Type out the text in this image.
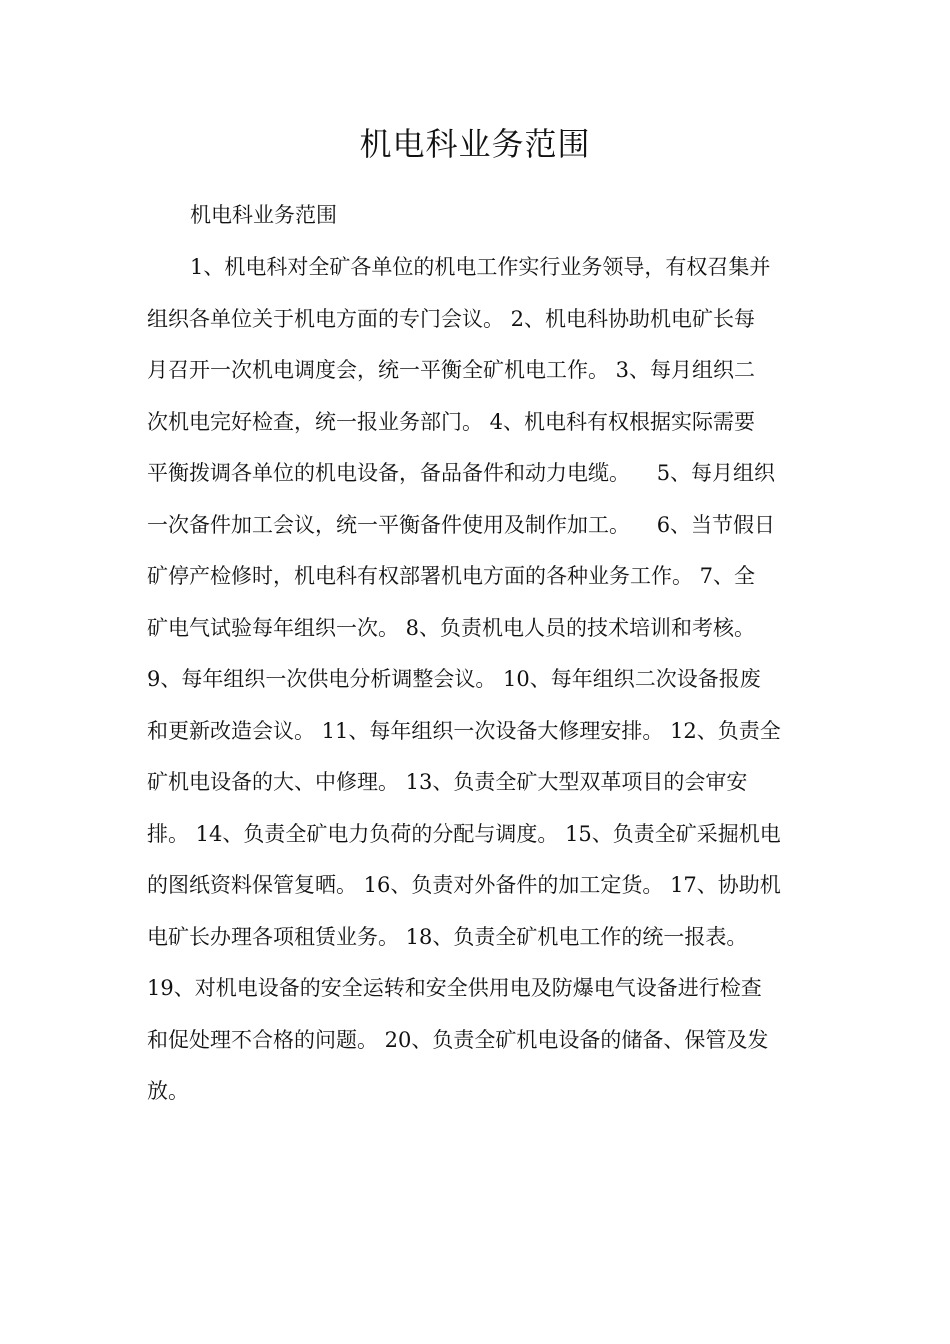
机电科业务范围

机电科业务范围

1、机电科对全矿各单位的机电工作实行业务领导，有权召集并
组织各单位关于机电方面的专门会议。 2、机电科协助机电矿长每
月召开一次机电调度会，统一平衡全矿机电工作。 3、每月组织二
次机电完好检查，统一报业务部门。 4、机电科有权根据实际需要
平衡拨调各单位的机电设备，备品备件和动力电缆。    5、每月组织
一次备件加工会议，统一平衡备件使用及制作加工。    6、当节假日
矿停产检修时，机电科有权部署机电方面的各种业务工作。 7、全
矿电气试验每年组织一次。 8、负责机电人员的技术培训和考核。
9、每年组织一次供电分析调整会议。 10、每年组织二次设备报废
和更新改造会议。 11、每年组织一次设备大修理安排。 12、负责全
矿机电设备的大、中修理。 13、负责全矿大型双革项目的会审安
排。 14、负责全矿电力负荷的分配与调度。 15、负责全矿采掘机电
的图纸资料保管复晒。 16、负责对外备件的加工定货。 17、协助机
电矿长办理各项租赁业务。 18、负责全矿机电工作的统一报表。
19、对机电设备的安全运转和安全供用电及防爆电气设备进行检查
和促处理不合格的问题。 20、负责全矿机电设备的储备、保管及发
放。
